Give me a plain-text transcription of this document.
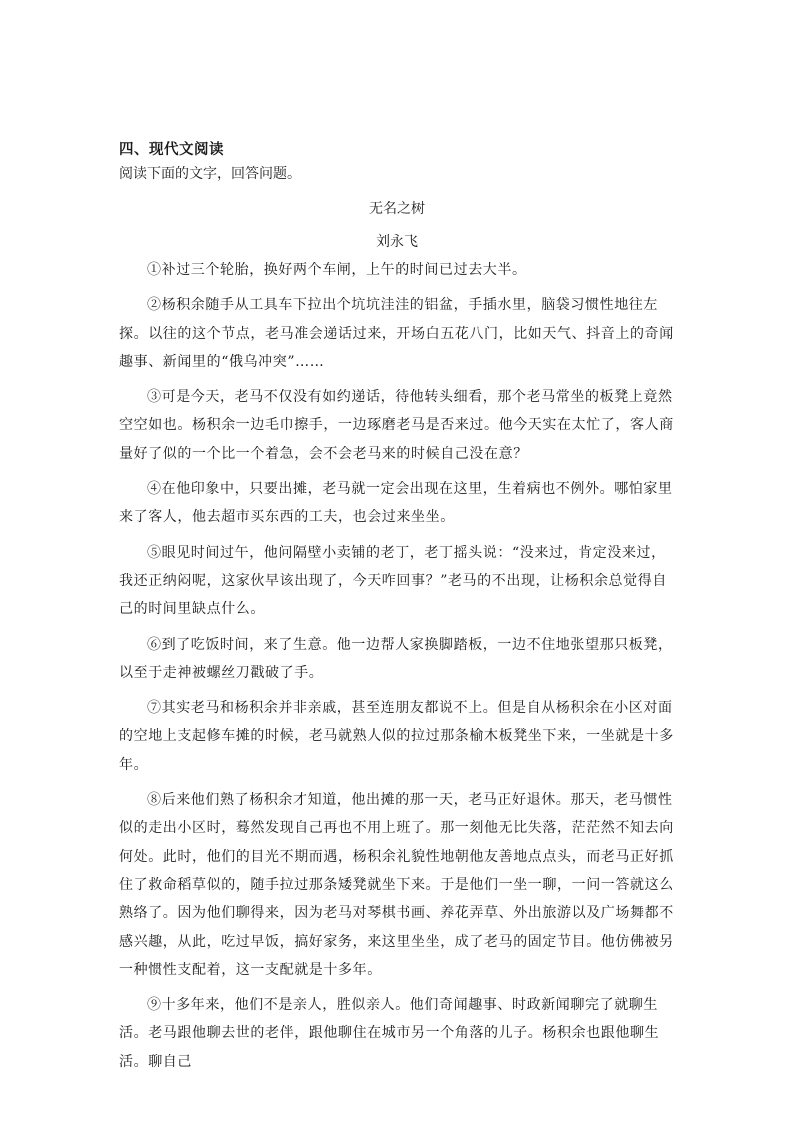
四、现代文阅读
阅读下面的文字，回答问题。
无名之树
刘永飞

①补过三个轮胎，换好两个车闸，上午的时间已过去大半。

②杨积余随手从工具车下拉出个坑坑洼洼的铝盆，手插水里，脑袋习惯性地往左探。以往的这个节点，老马准会递话过来，开场白五花八门，比如天气、抖音上的奇闻趣事、新闻里的“俄乌冲突”……

③可是今天，老马不仅没有如约递话，待他转头细看，那个老马常坐的板凳上竟然空空如也。杨积余一边毛巾擦手，一边琢磨老马是否来过。他今天实在太忙了，客人商量好了似的一个比一个着急，会不会老马来的时候自己没在意？

④在他印象中，只要出摊，老马就一定会出现在这里，生着病也不例外。哪怕家里来了客人，他去超市买东西的工夫，也会过来坐坐。

⑤眼见时间过午，他问隔壁小卖铺的老丁，老丁摇头说：“没来过，肯定没来过，我还正纳闷呢，这家伙早该出现了，今天咋回事？”老马的不出现，让杨积余总觉得自己的时间里缺点什么。

⑥到了吃饭时间，来了生意。他一边帮人家换脚踏板，一边不住地张望那只板凳，以至于走神被螺丝刀戳破了手。

⑦其实老马和杨积余并非亲戚，甚至连朋友都说不上。但是自从杨积余在小区对面的空地上支起修车摊的时候，老马就熟人似的拉过那条榆木板凳坐下来，一坐就是十多年。

⑧后来他们熟了杨积余才知道，他出摊的那一天，老马正好退休。那天，老马惯性似的走出小区时，蓦然发现自己再也不用上班了。那一刻他无比失落，茫茫然不知去向何处。此时，他们的目光不期而遇，杨积余礼貌性地朝他友善地点点头，而老马正好抓住了救命稻草似的，随手拉过那条矮凳就坐下来。于是他们一坐一聊，一问一答就这么熟络了。因为他们聊得来，因为老马对琴棋书画、养花弄草、外出旅游以及广场舞都不感兴趣，从此，吃过早饭，搞好家务，来这里坐坐，成了老马的固定节目。他仿佛被另一种惯性支配着，这一支配就是十多年。

⑨十多年来，他们不是亲人，胜似亲人。他们奇闻趣事、时政新闻聊完了就聊生活。老马跟他聊去世的老伴，跟他聊住在城市另一个角落的儿子。杨积余也跟他聊生活。聊自己
